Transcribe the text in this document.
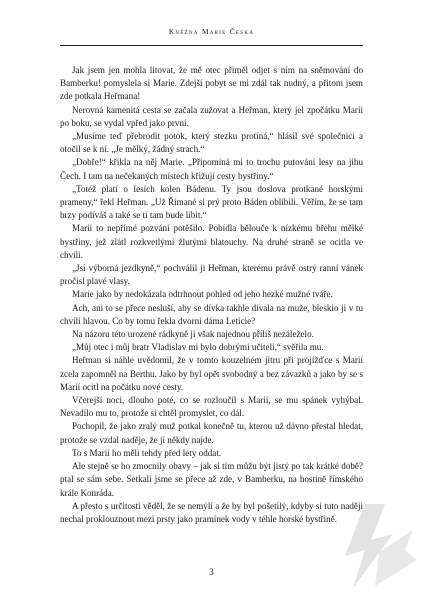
Kněžna Marie Česká

Jak jsem jen mohla litovat, že mě otec přiměl odjet s ním na sněmování do Bamberku! pomyslela si Marie. Zdejší pobyt se mi zdál tak nudný, a přitom jsem zde potkala Heřmana!

Nerovná kamenitá cesta se začala zužovat a Heřman, který jel zpočátku Marii po boku, se vydal vpřed jako první.

„Musíme teď přebrodit potok, který stezku protíná,“ hlásil své společnici a otočil se k ní. „Je mělký, žádný strach.“

„Dobře!“ křikla na něj Marie. „Připomíná mi to trochu putování lesy na jihu Čech. I tam na nečekaných místech křižují cesty bystřiny.“

„Totéž platí o lesích kolen Bádenu. Ty jsou doslova protkané horskými prameny,“ řekl Heřman. „Už Římané si prý proto Báden oblíbili. Věřím, že se tam brzy podíváš a také se ti tam bude líbit.“

Marii to nepřímé pozvání potěšilo. Pobídla bělouče k nízkému břehu mělké bystřiny, jež zlátl rozkvetlými žlutými blatouchy. Na druhé straně se ocitla ve chvíli.

„Jsi výborná jezdkyně,“ pochválil ji Heřman, kterému právě ostrý ranní vánek pročísl plavé vlasy.

Marie jako by nedokázala odtrhnout pohled od jeho hezké mužné tváře.

Ach, ani to se přece nesluší, aby se dívka takhle dívala na muže, bleskio ji v tu chvíli hlavou. Co by tomu řekla dvorní dáma Leticie?

Na názoru této urozené rádkyně jí však najednou příliš nezáleželo.

„Můj otec i můj bratr Vladislav mi bylo dobrými učiteli,“ svěřila mu.

Heřman si náhle uvědomil, že v tomto kouzelném jitru při projížďce s Marií zcela zapomněl na Berthu. Jako by byl opět svobodný a bez závazků a jako by se s Marií ocitl na počátku nové cesty.

Včerejší noci, dlouho poté, co se rozloučil s Marií, se mu spánek vyhýbal. Nevadilo mu to, protože si chtěl promyslet, co dál.

Pochopil, že jako zralý muž potkal konečně tu, kterou už dávno přestal hledat, protože se vzdal naděje, že ji někdy najde.

To s Marií ho měli tehdy před lety oddat.

Ale stejně se ho zmocnily obavy – jak si tím můžu být jistý po tak krátké době? ptal se sám sebe. Setkali jsme se přece až zde, v Bamberku, na hostině římského krále Konráda.

A přesto s určitostí věděl, že se nemýlí a že by byl pošetilý, kdyby si tuto naději nechal proklouznout mezi prsty jako pramínek vody v téhle horské bystřině.

3
